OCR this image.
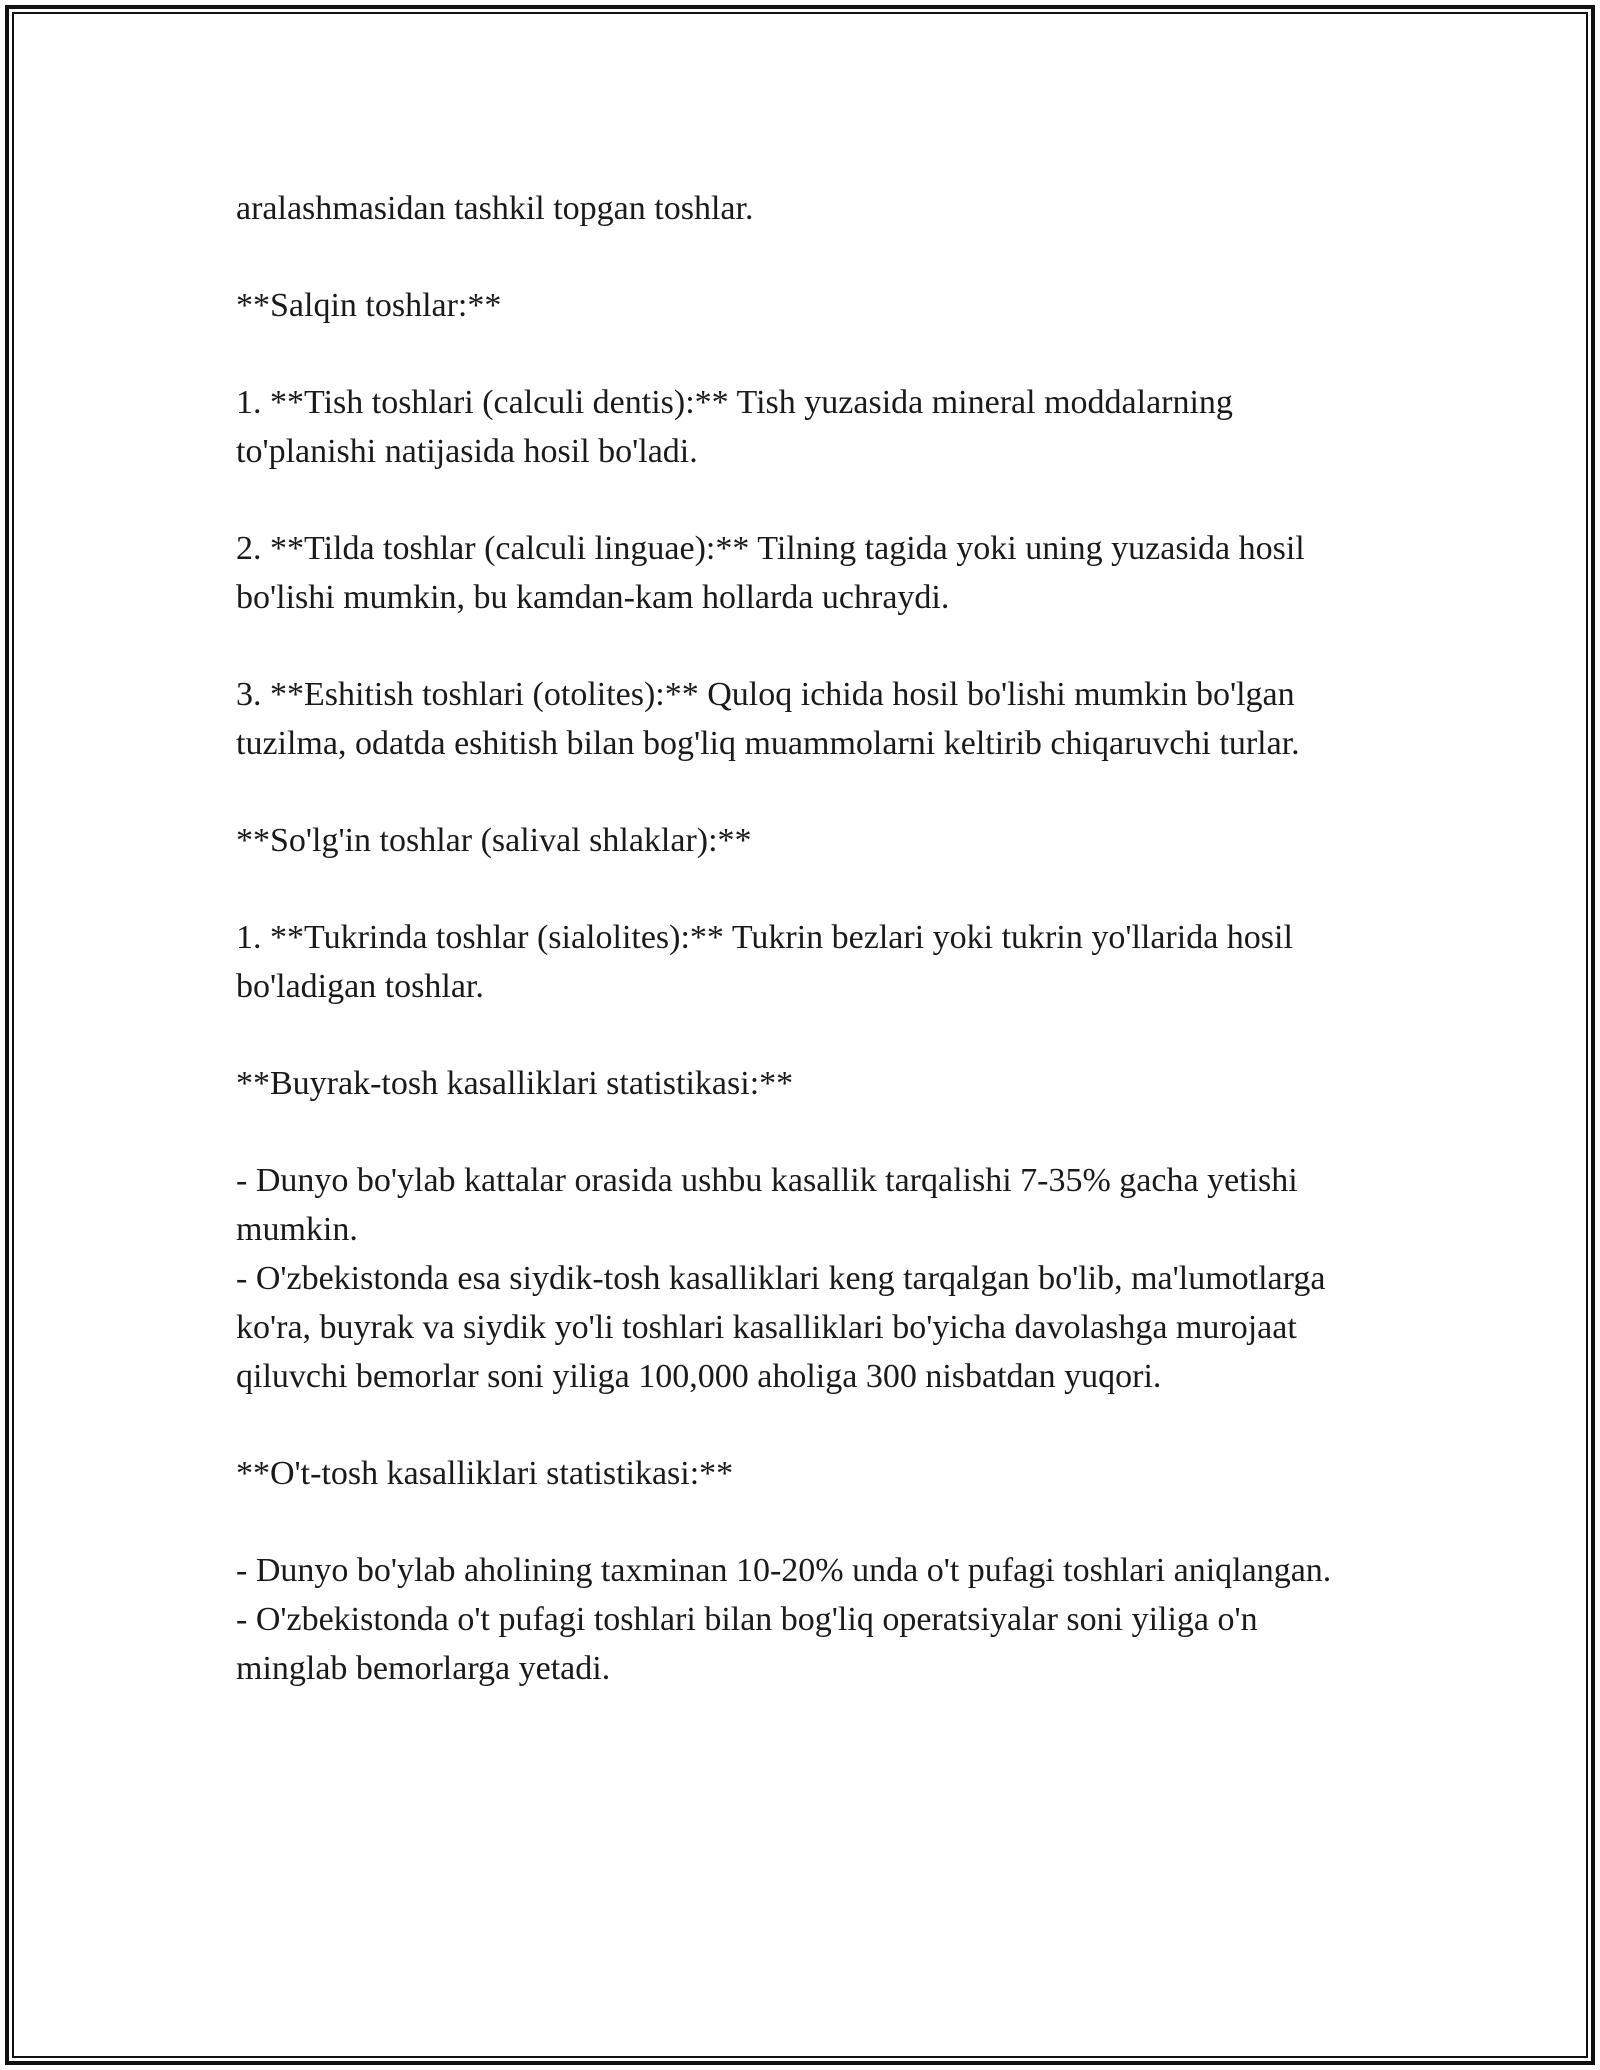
aralashmasidan tashkil topgan toshlar.

**Salqin toshlar:**

1. **Tish toshlari (calculi dentis):** Tish yuzasida mineral moddalarning to'planishi natijasida hosil bo'ladi.

2. **Tilda toshlar (calculi linguae):** Tilning tagida yoki uning yuzasida hosil bo'lishi mumkin, bu kamdan-kam hollarda uchraydi.

3. **Eshitish toshlari (otolites):** Quloq ichida hosil bo'lishi mumkin bo'lgan tuzilma, odatda eshitish bilan bog'liq muammolarni keltirib chiqaruvchi turlar.

**So'lg'in toshlar (salival shlaklar):**

1. **Tukrinda toshlar (sialolites):** Tukrin bezlari yoki tukrin yo'llarida hosil bo'ladigan toshlar.

**Buyrak-tosh kasalliklari statistikasi:**

- Dunyo bo'ylab kattalar orasida ushbu kasallik tarqalishi 7-35% gacha yetishi mumkin.

- O'zbekistonda esa siydik-tosh kasalliklari keng tarqalgan bo'lib, ma'lumotlarga ko'ra, buyrak va siydik yo'li toshlari kasalliklari bo'yicha davolashga murojaat qiluvchi bemorlar soni yiliga 100,000 aholiga 300 nisbatdan yuqori.

**O't-tosh kasalliklari statistikasi:**

- Dunyo bo'ylab aholining taxminan 10-20% unda o't pufagi toshlari aniqlangan.

- O'zbekistonda o't pufagi toshlari bilan bog'liq operatsiyalar soni yiliga o'n minglab bemorlarga yetadi.
